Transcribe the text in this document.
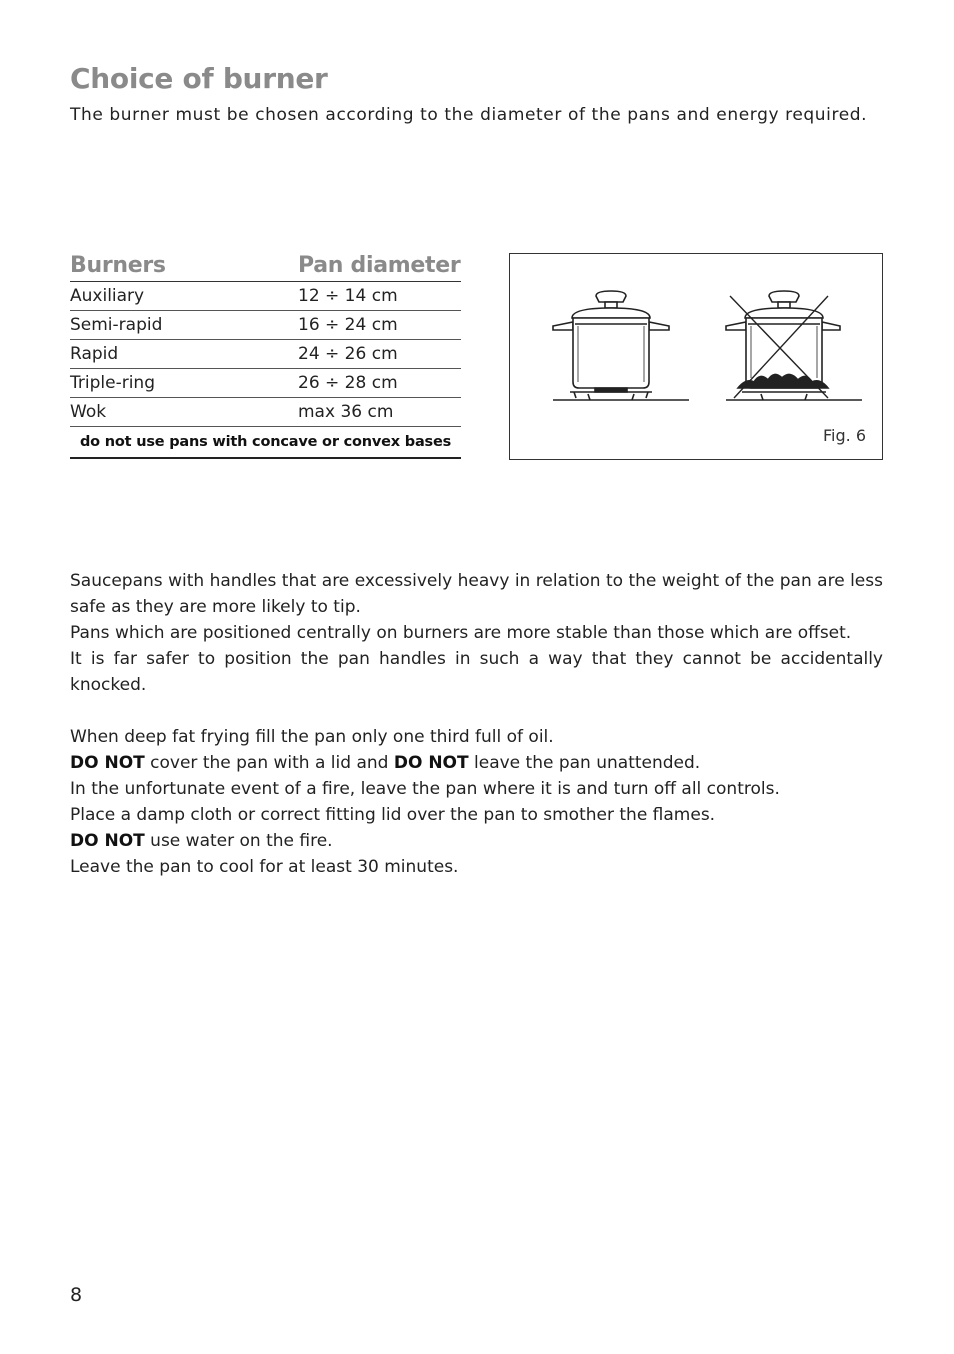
Choice of burner

The burner must be chosen according to the diameter of the pans and energy required.

Burners	Pan diameter
Auxiliary	12 ÷ 14 cm
Semi-rapid	16 ÷ 24 cm
Rapid	24 ÷ 26 cm
Triple-ring	26 ÷ 28 cm
Wok	max 36 cm
do not use pans with concave or convex bases		Fig. 6

Saucepans with handles that are excessively heavy in relation to the weight of the pan are less safe as they are more likely to tip.

Pans which are positioned centrally on burners are more stable than those which are offset.

It is far safer to position the pan handles in such a way that they cannot be accidentally knocked.

When deep fat frying fill the pan only one third full of oil.

DO NOT cover the pan with a lid and DO NOT leave the pan unattended.

In the unfortunate event of a fire, leave the pan where it is and turn off all controls.

Place a damp cloth or correct fitting lid over the pan to smother the flames.

DO NOT use water on the fire.

Leave the pan to cool for at least 30 minutes.

8
